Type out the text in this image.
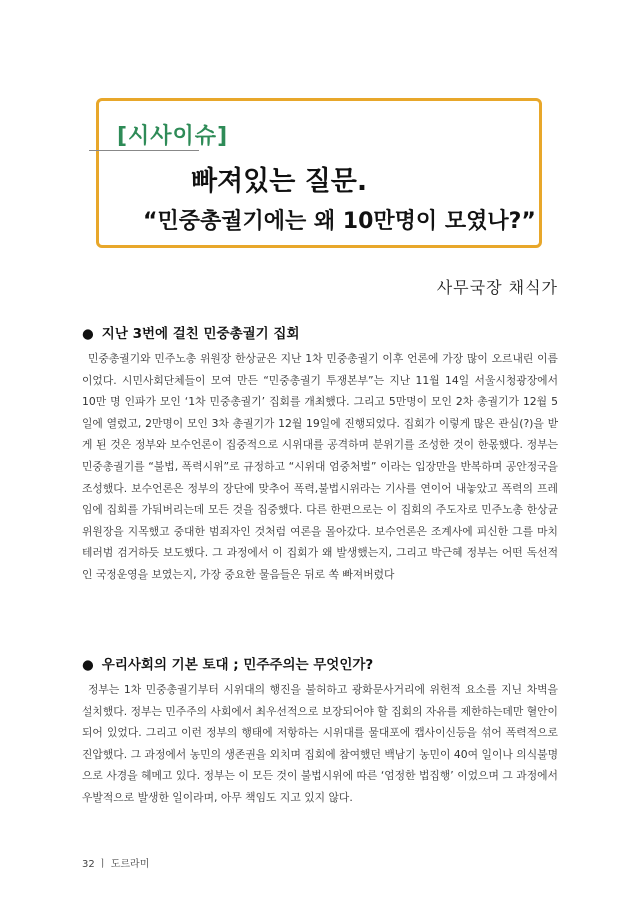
[시사이슈]
빠져있는 질문.
“민중총궐기에는 왜 10만명이 모였나?”
사무국장 채식가
● 지난 3번에 걸친 민중총궐기 집회

민중총궐기와 민주노총 위원장 한상균은 지난 1차 민중총궐기 이후 언론에 가장 많이 오르내린 이름이었다. 시민사회단체들이 모여 만든 “민중총궐기 투쟁본부”는 지난 11월 14일 서울시청광장에서 10만 명 인파가 모인 ‘1차 민중총궐기’ 집회를 개최했다. 그리고 5만명이 모인 2차 총궐기가 12월 5일에 열렸고, 2만명이 모인 3차 총궐기가 12월 19일에 진행되었다. 집회가 이렇게 많은 관심(?)을 받게 된 것은 정부와 보수언론이 집중적으로 시위대를 공격하며 분위기를 조성한 것이 한몫했다. 정부는 민중총궐기를 “불법, 폭력시위”로 규정하고 “시위대 엄중처벌” 이라는 입장만을 반복하며 공안정국을 조성했다. 보수언론은 정부의 장단에 맞추어 폭력,불법시위라는 기사를 연이어 내놓았고 폭력의 프레임에 집회를 가둬버리는데 모든 것을 집중했다. 다른 한편으로는 이 집회의 주도자로 민주노총 한상균 위원장을 지목했고 중대한 범죄자인 것처럼 여론을 몰아갔다. 보수언론은 조계사에 피신한 그를 마치 테러범 검거하듯 보도했다. 그 과정에서 이 집회가 왜 발생했는지, 그리고 박근혜 정부는 어떤 독선적인 국정운영을 보였는지, 가장 중요한 물음들은 뒤로 쏙 빠져버렸다

● 우리사회의 기본 토대 ; 민주주의는 무엇인가?

정부는 1차 민중총궐기부터 시위대의 행진을 불허하고 광화문사거리에 위헌적 요소를 지닌 차벽을 설치했다. 정부는 민주주의 사회에서 최우선적으로 보장되어야 할 집회의 자유를 제한하는데만 혈안이 되어 있었다. 그리고 이런 정부의 행태에 저항하는 시위대를 물대포에 캡사이신등을 섞어 폭력적으로 진압했다. 그 과정에서 농민의 생존권을 외치며 집회에 참여했던 백남기 농민이 40여 일이나 의식불명으로 사경을 헤메고 있다. 정부는 이 모든 것이 불법시위에 따른 ‘엄정한 법집행’ 이었으며 그 과정에서 우발적으로 발생한 일이라며, 아무 책임도 지고 있지 않다.

32 ㅣ 도르라미
